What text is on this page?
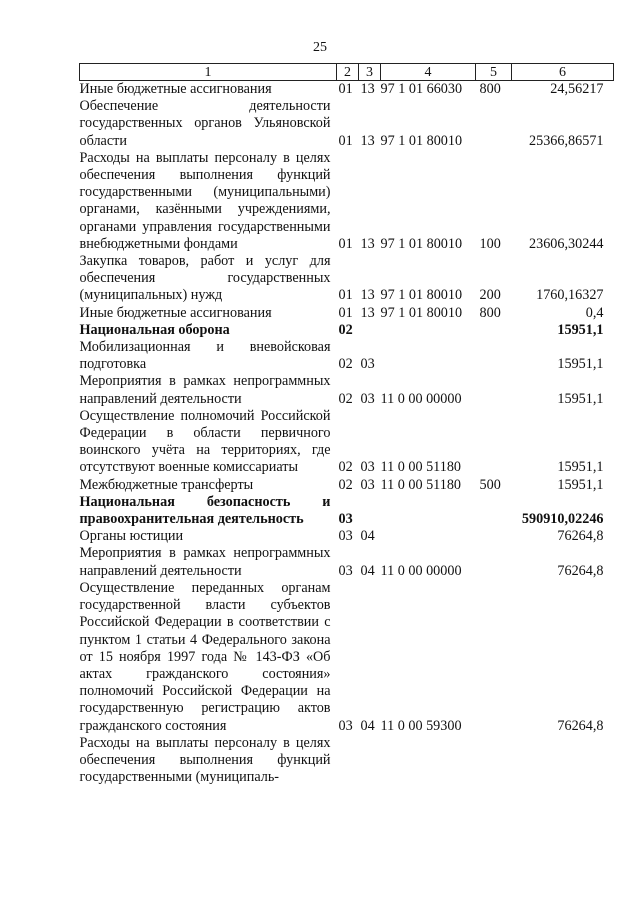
25
1	2	3	4	5	6
Иные бюджетные ассигнования	01	13	97 1 01 66030	800	24,56217
Обеспечение деятельности государственных органов Ульяновской области	01	13	97 1 01 80010		25366,86571
Расходы на выплаты персоналу в целях обеспечения выполнения функций государственными (муниципальными) органами, казёнными учреждениями, органами управления государственными внебюджетными фондами	01	13	97 1 01 80010	100	23606,30244
Закупка товаров, работ и услуг для обеспечения государственных (муниципальных) нужд	01	13	97 1 01 80010	200	1760,16327
Иные бюджетные ассигнования	01	13	97 1 01 80010	800	0,4
Национальная оборона	02				15951,1
Мобилизационная и вневойсковая подготовка	02	03			15951,1
Мероприятия в рамках непрограммных направлений деятельности	02	03	11 0 00 00000		15951,1
Осуществление полномочий Российской Федерации в области первичного воинского учёта на территориях, где отсутствуют военные комиссариаты	02	03	11 0 00 51180		15951,1
Межбюджетные трансферты	02	03	11 0 00 51180	500	15951,1
Национальная безопасность и правоохранительная деятельность	03				590910,02246
Органы юстиции	03	04			76264,8
Мероприятия в рамках непрограммных направлений деятельности	03	04	11 0 00 00000		76264,8
Осуществление переданных органам государственной власти субъектов Российской Федерации в соответствии с пунктом 1 статьи 4 Федерального закона от 15 ноября 1997 года № 143-ФЗ «Об актах гражданского состояния» полномочий Российской Федерации на государственную регистрацию актов гражданского состояния	03	04	11 0 00 59300		76264,8
Расходы на выплаты персоналу в целях обеспечения выполнения функций государственными (муниципаль-					
